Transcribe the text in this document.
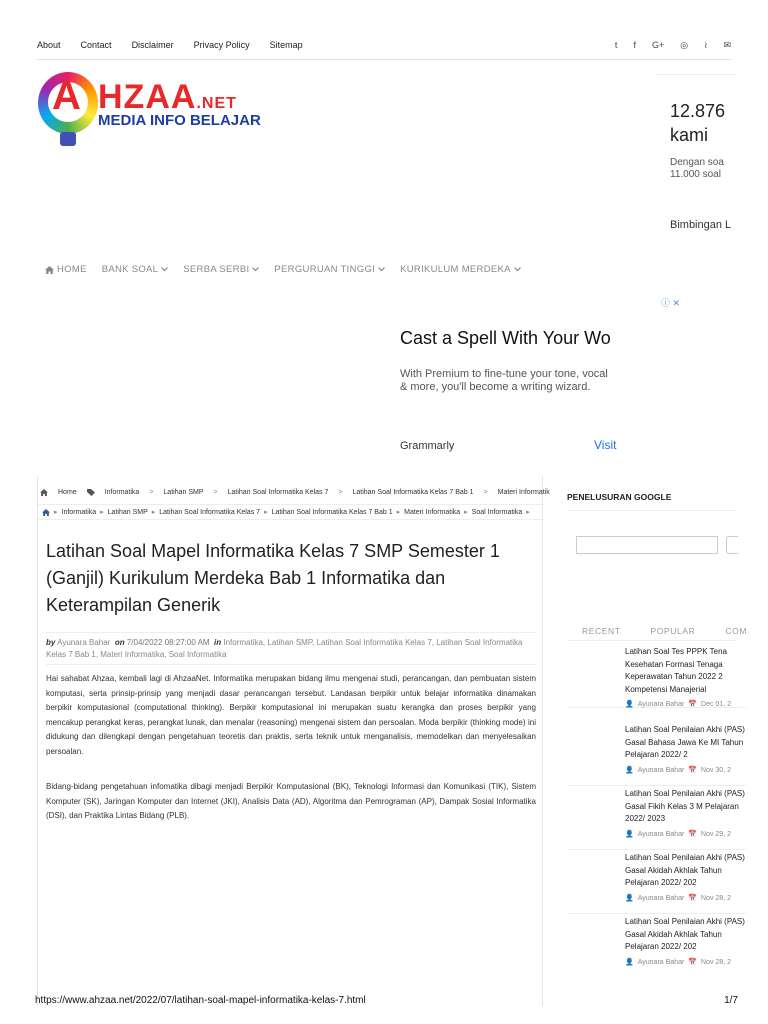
About Contact Disclaimer Privacy Policy Sitemap	t f G+ ◎ ≀ ✉
A HZAA.NET
MEDIA INFO BELAJAR	12.876 kami
Dengan soa 11.000 soal
Bimbingan L
HOME BANK SOAL	SERBA SERBI	PERGURUAN TINGGI	KURIKULUM MERDEKA
ⓘ ✕
Cast a Spell With Your Wo
With Premium to fine-tune your tone, vocal
& more, you'll become a writing wizard.
Grammarly	Visit
Home	Informatika > Latihan SMP > Latihan Soal Informatika Kelas 7 > Latihan Soal Informatika Kelas 7 Bab 1 > Materi Informatik
▸ Informatika ▸ Latihan SMP ▸ Latihan Soal Informatika Kelas 7 ▸ Latihan Soal Informatika Kelas 7 Bab 1 ▸ Materi Informatika ▸ Soal Informatika ▸
Latihan Soal Mapel Informatika Kelas 7 SMP Semester 1 (Ganjil) Kurikulum Merdeka Bab 1 Informatika dan Keterampilan Generik
by Ayunara Bahar on 7/04/2022 08:27:00 AM in Informatika, Latihan SMP, Latihan Soal Informatika Kelas 7, Latihan Soal Informatika Kelas 7 Bab 1, Materi Informatika, Soal Informatika

Hai sahabat Ahzaa, kembali lagi di AhzaaNet. Informatika merupakan bidang ilmu mengenai studi, perancangan, dan pembuatan sistem komputasi, serta prinsip-prinsip yang menjadi dasar perancangan tersebut. Landasan berpikir untuk belajar informatika dinamakan berpikir komputasional (computational thinking). Berpikir komputasional ini merupakan suatu kerangka dan proses berpikir yang mencakup perangkat keras, perangkat lunak, dan menalar (reasoning) mengenai sistem dan persoalan. Moda berpikir (thinking mode) ini didukung dan dilengkapi dengan pengetahuan teoretis dan praktis, serta teknik untuk menganalisis, memodelkan dan menyelesaikan persoalan.

Bidang-bidang pengetahuan infomatika dibagi menjadi Berpikir Komputasional (BK), Teknologi Informasi dan Komunikasi (TIK), Sistem Komputer (SK), Jaringan Komputer dan Internet (JKI), Analisis Data (AD), Algoritma dan Pemrograman (AP), Dampak Sosial Informatika (DSI), dan Praktika Lintas Bidang (PLB).

PENELUSURAN GOOGLE
RECENT	POPULAR	COM
Latihan Soal Tes PPPK Tena Kesehatan Formasi Tenaga Keperawatan Tahun 2022 2 Kompetensi Manajerial
👤 Ayunara Bahar 📅 Dec 01, 2
Latihan Soal Penilaian Akhi (PAS) Gasal Bahasa Jawa Ke MI Tahun Pelajaran 2022/ 2
👤 Ayunara Bahar 📅 Nov 30, 2
Latihan Soal Penilaian Akhi (PAS) Gasal Fikih Kelas 3 M Pelajaran 2022/ 2023
👤 Ayunara Bahar 📅 Nov 29, 2
Latihan Soal Penilaian Akhi (PAS) Gasal Akidah Akhlak Tahun Pelajaran 2022/ 202
👤 Ayunara Bahar 📅 Nov 28, 2
Latihan Soal Penilaian Akhi (PAS) Gasal Akidah Akhlak Tahun Pelajaran 2022/ 202
👤 Ayunara Bahar 📅 Nov 28, 2
https://www.ahzaa.net/2022/07/latihan-soal-mapel-informatika-kelas-7.html	1/7
